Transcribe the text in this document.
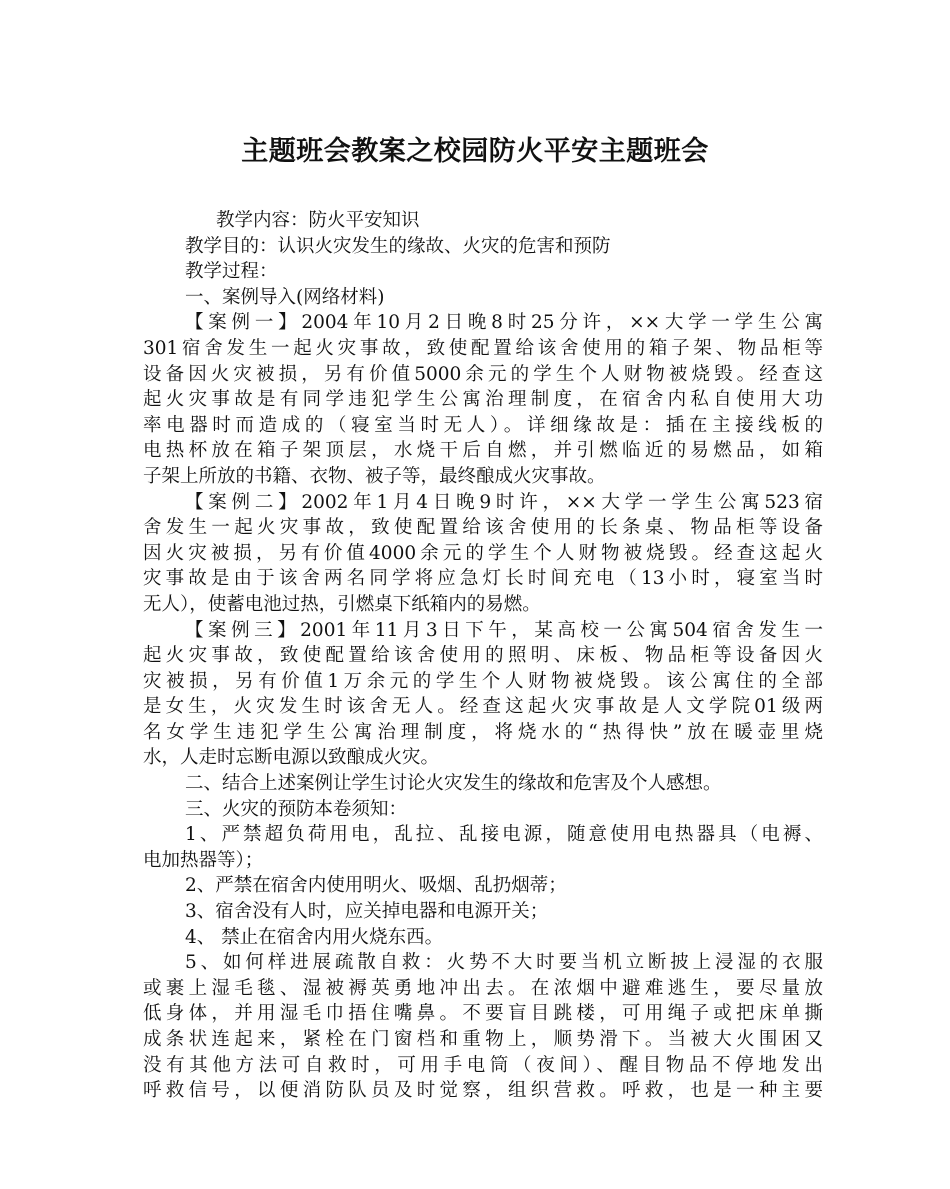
主题班会教案之校园防火平安主题班会
教学内容：防火平安知识
教学目的：认识火灾发生的缘故、火灾的危害和预防
教学过程：
一、案例导入(网络材料)
【案例一】2004年10月2日晚8时25分许，××大学一学生公寓
301宿舍发生一起火灾事故，致使配置给该舍使用的箱子架、物品柜等
设备因火灾被损，另有价值5000余元的学生个人财物被烧毁。经查这
起火灾事故是有同学违犯学生公寓治理制度，在宿舍内私自使用大功
率电器时而造成的（寝室当时无人）。详细缘故是：插在主接线板的
电热杯放在箱子架顶层，水烧干后自燃，并引燃临近的易燃品，如箱
子架上所放的书籍、衣物、被子等，最终酿成火灾事故。
【案例二】2002年1月4日晚9时许，××大学一学生公寓523宿
舍发生一起火灾事故，致使配置给该舍使用的长条桌、物品柜等设备
因火灾被损，另有价值4000余元的学生个人财物被烧毁。经查这起火
灾事故是由于该舍两名同学将应急灯长时间充电（13小时，寝室当时
无人），使蓄电池过热，引燃桌下纸箱内的易燃。
【案例三】2001年11月3日下午，某高校一公寓504宿舍发生一
起火灾事故，致使配置给该舍使用的照明、床板、物品柜等设备因火
灾被损，另有价值1万余元的学生个人财物被烧毁。该公寓住的全部
是女生，火灾发生时该舍无人。经查这起火灾事故是人文学院01级两
名女学生违犯学生公寓治理制度，将烧水的“热得快”放在暖壶里烧
水，人走时忘断电源以致酿成火灾。
二、结合上述案例让学生讨论火灾发生的缘故和危害及个人感想。
三、火灾的预防本卷须知：
1、严禁超负荷用电，乱拉、乱接电源，随意使用电热器具（电褥、
电加热器等）；
2、严禁在宿舍内使用明火、吸烟、乱扔烟蒂；
3、宿舍没有人时，应关掉电器和电源开关；
4、 禁止在宿舍内用火烧东西。
5、如何样进展疏散自救：火势不大时要当机立断披上浸湿的衣服
或裹上湿毛毯、湿被褥英勇地冲出去。在浓烟中避难逃生，要尽量放
低身体，并用湿毛巾捂住嘴鼻。不要盲目跳楼，可用绳子或把床单撕
成条状连起来，紧栓在门窗档和重物上，顺势滑下。当被大火围困又
没有其他方法可自救时，可用手电筒（夜间）、醒目物品不停地发出
呼救信号，以便消防队员及时觉察，组织营救。呼救，也是一种主要
